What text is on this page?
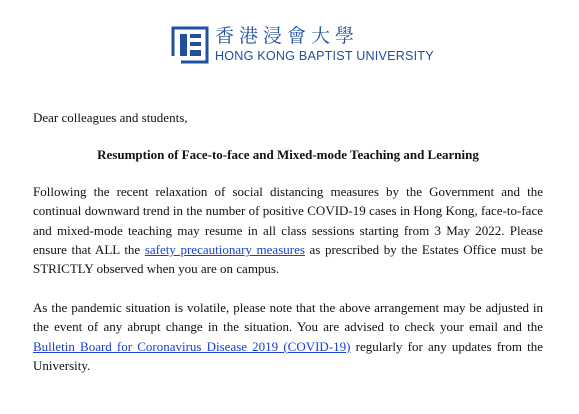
香港浸會大學
HONG KONG BAPTIST UNIVERSITY

Dear colleagues and students,

Resumption of Face-to-face and Mixed-mode Teaching and Learning

Following the recent relaxation of social distancing measures by the Government and the continual downward trend in the number of positive COVID-19 cases in Hong Kong, face-to-face and mixed-mode teaching may resume in all class sessions starting from 3 May 2022. Please ensure that ALL the safety precautionary measures as prescribed by the Estates Office must be STRICTLY observed when you are on campus.

As the pandemic situation is volatile, please note that the above arrangement may be adjusted in the event of any abrupt change in the situation. You are advised to check your email and the Bulletin Board for Coronavirus Disease 2019 (COVID-19) regularly for any updates from the University.
